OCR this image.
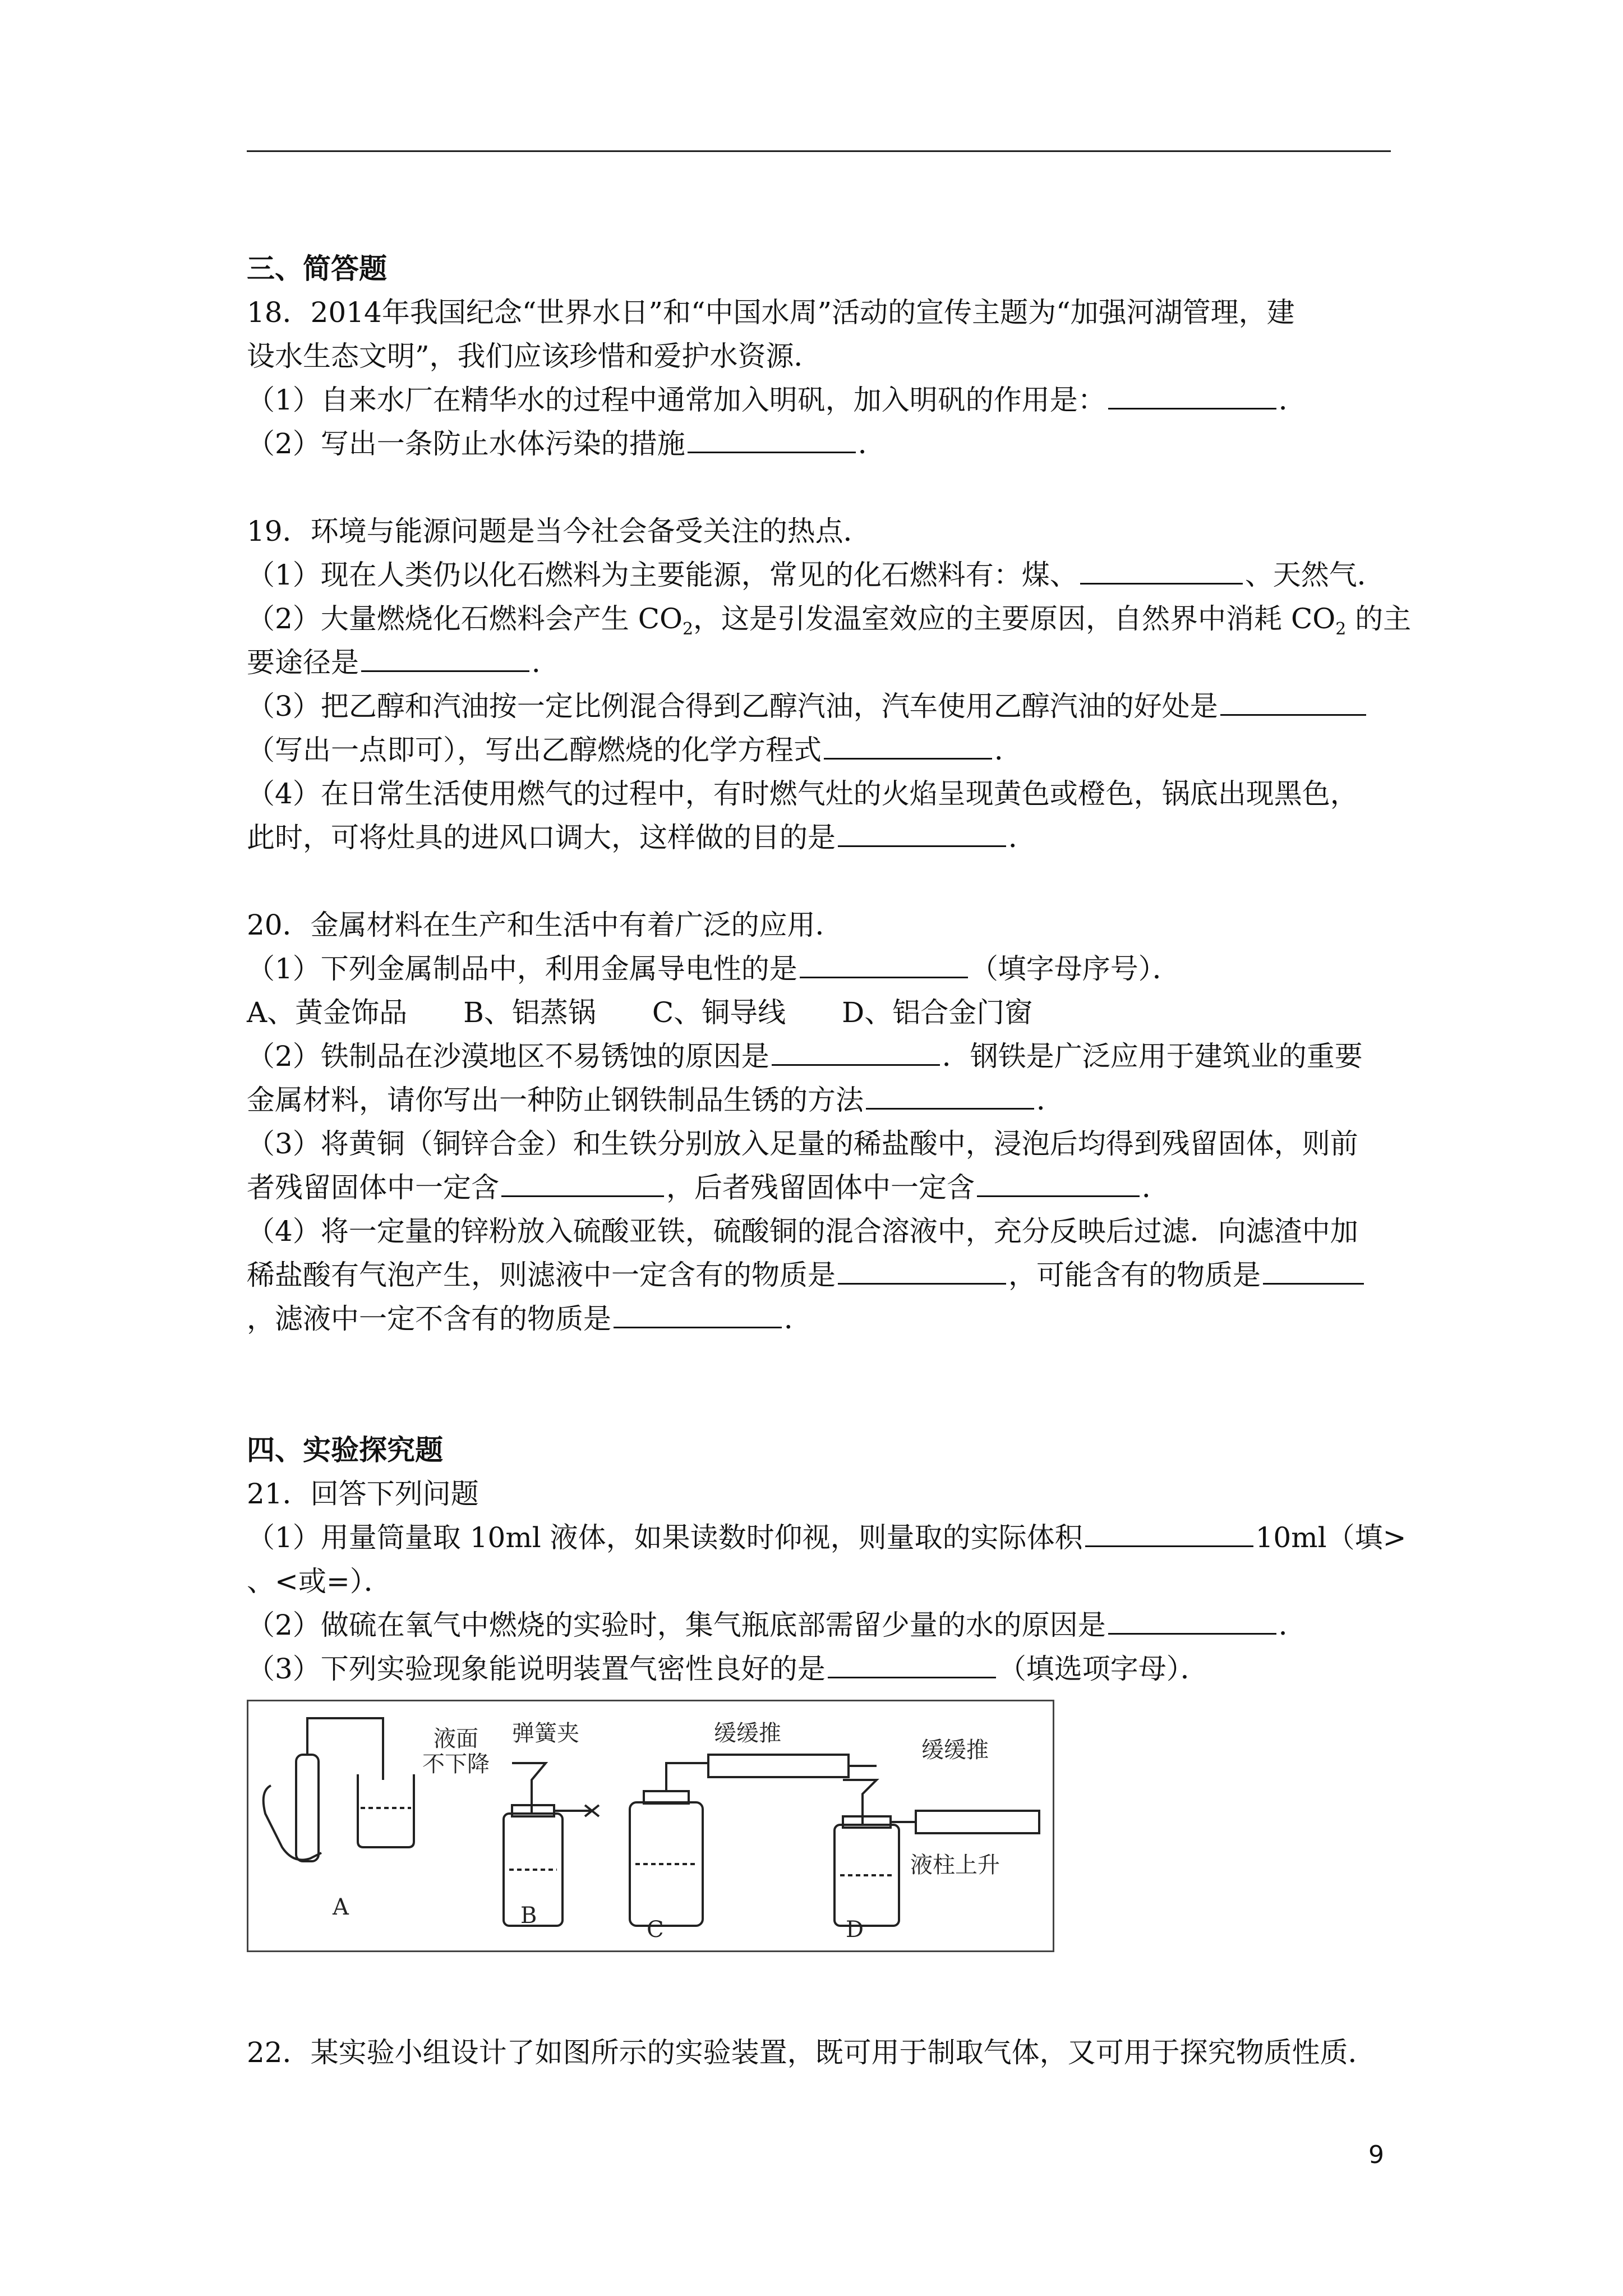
三、简答题
18．2014年我国纪念“世界水日”和“中国水周”活动的宣传主题为“加强河湖管理，建
设水生态文明”，我们应该珍惜和爱护水资源．
（1）自来水厂在精华水的过程中通常加入明矾，加入明矾的作用是：	．
（2）写出一条防止水体污染的措施	．
19．环境与能源问题是当今社会备受关注的热点．
（1）现在人类仍以化石燃料为主要能源，常见的化石燃料有：煤、	、天然气．
（2）大量燃烧化石燃料会产生 $CO_2$，这是引发温室效应的主要原因，自然界中消耗 $CO_2$ 的主
要途径是	．
（3）把乙醇和汽油按一定比例混合得到乙醇汽油，汽车使用乙醇汽油的好处是
（写出一点即可），写出乙醇燃烧的化学方程式	．
（4）在日常生活使用燃气的过程中，有时燃气灶的火焰呈现黄色或橙色，锅底出现黑色，
此时，可将灶具的进风口调大，这样做的目的是	．
20．金属材料在生产和生活中有着广泛的应用．
（1）下列金属制品中，利用金属导电性的是	（填字母序号）．
A、黄金饰品　　B、铝蒸锅　　C、铜导线　　D、铝合金门窗
（2）铁制品在沙漠地区不易锈蚀的原因是	．钢铁是广泛应用于建筑业的重要
金属材料，请你写出一种防止钢铁制品生锈的方法	．
（3）将黄铜（铜锌合金）和生铁分别放入足量的稀盐酸中，浸泡后均得到残留固体，则前
者残留固体中一定含	，后者残留固体中一定含	．
（4）将一定量的锌粉放入硫酸亚铁，硫酸铜的混合溶液中，充分反映后过滤．向滤渣中加
稀盐酸有气泡产生，则滤液中一定含有的物质是	，可能含有的物质是
，滤液中一定不含有的物质是	．
四、实验探究题
21．回答下列问题
（1）用量筒量取 10ml 液体，如果读数时仰视，则量取的实际体积	10ml（填>
、<或=）．
（2）做硫在氧气中燃烧的实验时，集气瓶底部需留少量的水的原因是	．
（3）下列实验现象能说明装置气密性良好的是	（填选项字母）．
液面
不下降
弹簧夹	缓缓推
缓缓推
液柱上升
A	B
C	D
22．某实验小组设计了如图所示的实验装置，既可用于制取气体，又可用于探究物质性质．
9
